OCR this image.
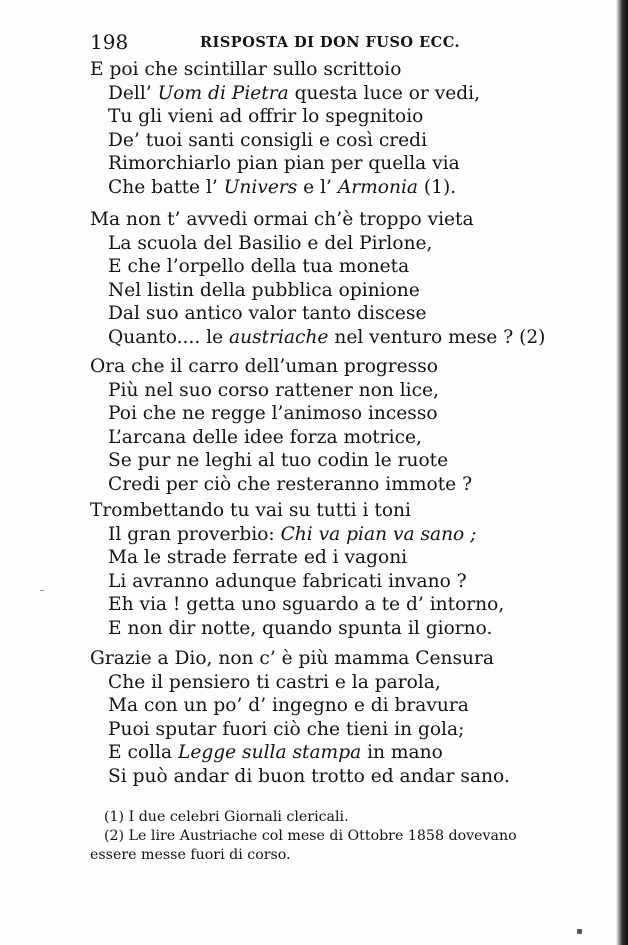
198	RISPOSTA DI DON FUSO ECC.
E poi che scintillar sullo scrittoio
Dell’ Uom di Pietra questa luce or vedi,
Tu gli vieni ad offrir lo spegnitoio
De’ tuoi santi consigli e così credi
Rimorchiarlo pian pian per quella via
Che batte l’ Univers e l’ Armonia (1).
Ma non t’ avvedi ormai ch’è troppo vieta
La scuola del Basilio e del Pirlone,
E che l’orpello della tua moneta
Nel listin della pubblica opinione
Dal suo antico valor tanto discese
Quanto.... le austriache nel venturo mese ? (2)
Ora che il carro dell’uman progresso
Più nel suo corso rattener non lice,
Poi che ne regge l’animoso incesso
L’arcana delle idee forza motrice,
Se pur ne leghi al tuo codin le ruote
Credi per ciò che resteranno immote ?
Trombettando tu vai su tutti i toni
Il gran proverbio: Chi va pian va sano ;
Ma le strade ferrate ed i vagoni
Li avranno adunque fabricati invano ?
Eh via ! getta uno sguardo a te d’ intorno,
E non dir notte, quando spunta il giorno.
Grazie a Dio, non c’ è più mamma Censura
Che il pensiero ti castri e la parola,
Ma con un po’ d’ ingegno e di bravura
Puoi sputar fuori ciò che tieni in gola;
E colla Legge sulla stampa in mano
Si può andar di buon trotto ed andar sano.
(1) I due celebri Giornali clericali.
(2) Le lire Austriache col mese di Ottobre 1858 dovevano
essere messe fuori di corso.
